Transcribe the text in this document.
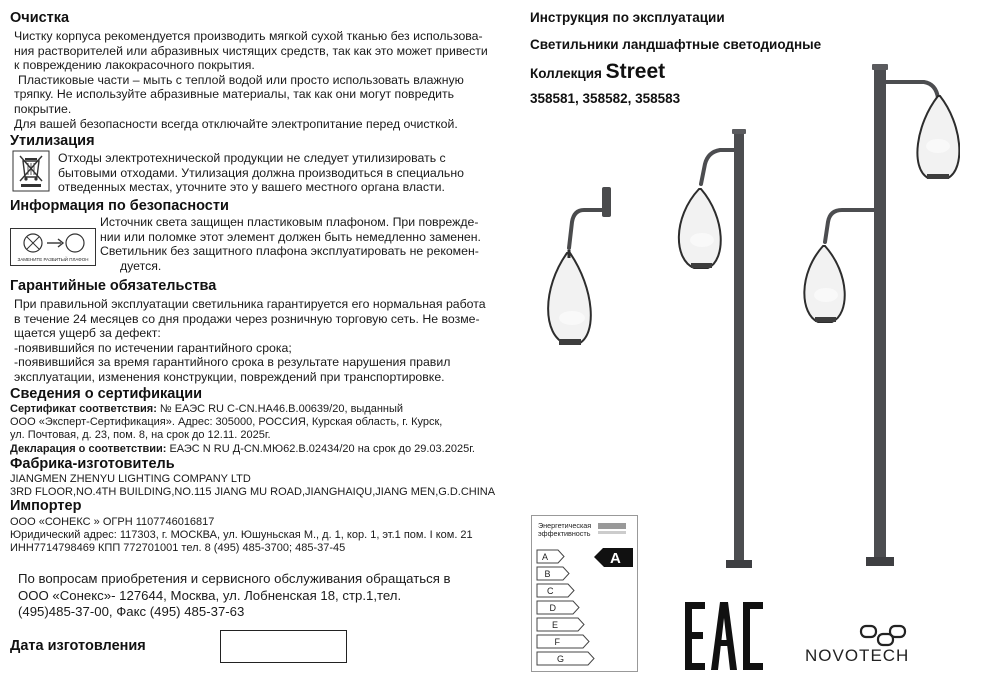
Очистка
Чистку корпуса рекомендуется производить мягкой сухой тканью без использова-
ния растворителей или абразивных чистящих средств, так как это может привести
к повреждению лакокрасочного покрытия.
Пластиковые части – мыть с теплой водой или просто использовать влажную
тряпку. Не используйте абразивные материалы, так как они могут повредить
покрытие.
Для вашей безопасности всегда отключайте электропитание перед очисткой.
Утилизация
Отходы электротехнической продукции не следует утилизировать с
бытовыми отходами. Утилизация должна производиться в специально
отведенных местах, уточните это у вашего местного органа власти.
Информация по безопасности
ЗАМЕНИТЕ РАЗБИТЫЙ ПЛАФОН
Источник света защищен пластиковым плафоном. При поврежде-
нии или поломке этот элемент должен быть немедленно заменен.
Светильник без защитного плафона эксплуатировать не рекомен-
дуется.
Гарантийные обязательства
При правильной эксплуатации светильника гарантируется его нормальная работа
в течение 24 месяцев со дня продажи через розничную торговую сеть. Не возме-
щается ущерб за дефект:
-появившийся по истечении гарантийного срока;
-появившийся за время гарантийного срока в результате нарушения правил
эксплуатации, изменения конструкции, повреждений при транспортировке.
Сведения о сертификации
Сертификат соответствия: № ЕАЭС RU С-CN.НА46.В.00639/20, выданный
ООО «Эксперт-Сертификация». Адрес: 305000, РОССИЯ, Курская область, г. Курск,
ул. Почтовая, д. 23, пом. 8, на срок до 12.11. 2025г.
Декларация о соответствии: ЕАЭС N RU Д-CN.МЮ62.В.02434/20 на срок до 29.03.2025г.
Фабрика-изготовитель
JIANGMEN ZHENYU LIGHTING COMPANY LTD
3RD FLOOR,NO.4TH BUILDING,NO.115 JIANG MU ROAD,JIANGHAIQU,JIANG MEN,G.D.CHINA
Импортер
ООО «СОНЕКС » ОГРН 1107746016817
Юридический адрес: 117303, г. МОСКВА, ул. Юшуньская М., д. 1, кор. 1, эт.1 пом. I ком. 21
ИНН7714798469 КПП 772701001 тел. 8 (495) 485-3700; 485-37-45
По вопросам приобретения и сервисного обслуживания обращаться в
ООО «Сонекс»- 127644, Москва, ул. Лобненская 18, стр.1,тел.
(495)485-37-00, Факс (495) 485-37-63
Дата изготовления
Инструкция по эксплуатации
Светильники ландшафтные светодиодные
Коллекция Street
358581, 358582, 358583
Энергетическая
эффективность
A
B
C
D
E
F
G
A
NOVOTECH
